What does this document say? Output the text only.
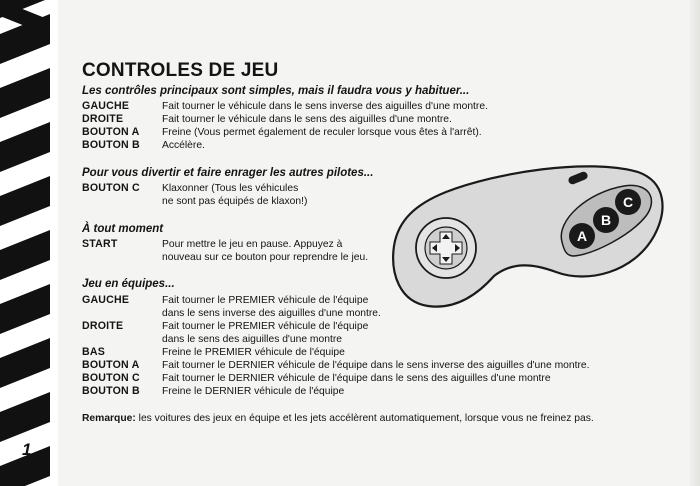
1
CONTROLES DE JEU
Les contrôles principaux sont simples, mais il faudra vous y habituer...
GAUCHE	Fait tourner le véhicule dans le sens inverse des aiguilles d'une montre.
DROITE	Fait tourner le véhicule dans le sens des aiguilles d'une montre.
BOUTON A	Freine (Vous permet également de reculer lorsque vous êtes à l'arrêt).
BOUTON B	Accélère.
Pour vous divertir et faire enrager les autres pilotes...
BOUTON C	Klaxonner (Tous les véhicules
ne sont pas équipés de klaxon!)
À tout moment
START	Pour mettre le jeu en pause. Appuyez à
nouveau sur ce bouton pour reprendre le jeu.
Jeu en équipes...
GAUCHE	Fait tourner le PREMIER véhicule de l'équipe
dans le sens inverse des aiguilles d'une montre.
DROITE	Fait tourner le PREMIER véhicule de l'équipe
dans le sens des aiguilles d'une montre
BAS	Freine le PREMIER véhicule de l'équipe
BOUTON A	Fait tourner le DERNIER véhicule de l'équipe dans le sens inverse des aiguilles d'une montre.
BOUTON C	Fait tourner le DERNIER véhicule de l'équipe dans le sens des aiguilles d'une montre
BOUTON B	Freine le DERNIER véhicule de l'équipe
Remarque: les voitures des jeux en équipe et les jets accélèrent automatiquement, lorsque vous ne freinez pas.
A
B
C
